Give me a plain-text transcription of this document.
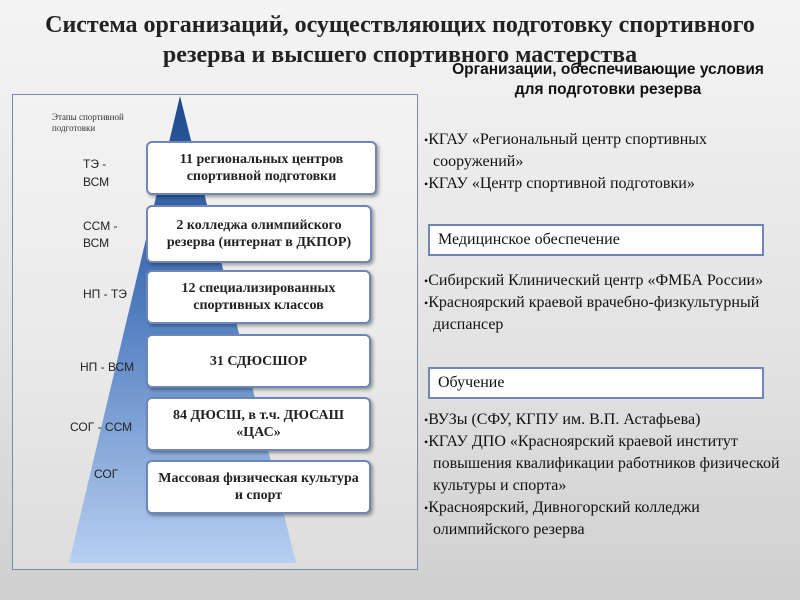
Система организаций, осуществляющих подготовку спортивного резерва и высшего спортивного мастерства
Организации, обеспечивающие условия для подготовки резерва
Этапы спортивной подготовки
ТЭ -
ВСМ
ССМ -
ВСМ
НП - ТЭ
НП - ВСМ
СОГ - ССМ
СОГ
11 региональных центров спортивной подготовки
2 колледжа олимпийского резерва (интернат в ДКПОР)
12 специализированных спортивных классов
31 СДЮСШОР
84 ДЮСШ, в т.ч. ДЮСАШ «ЦАС»
Массовая физическая культура и спорт
• КГАУ «Региональный центр спортивных сооружений»
• КГАУ «Центр спортивной подготовки»
Медицинское обеспечение
• Сибирский Клинический центр «ФМБА России»
• Красноярский краевой врачебно-физкультурный диспансер
Обучение
• ВУЗы (СФУ, КГПУ им. В.П. Астафьева)
• КГАУ ДПО «Красноярский краевой институт повышения квалификации работников физической культуры и спорта»
• Красноярский, Дивногорский колледжи олимпийского резерва
